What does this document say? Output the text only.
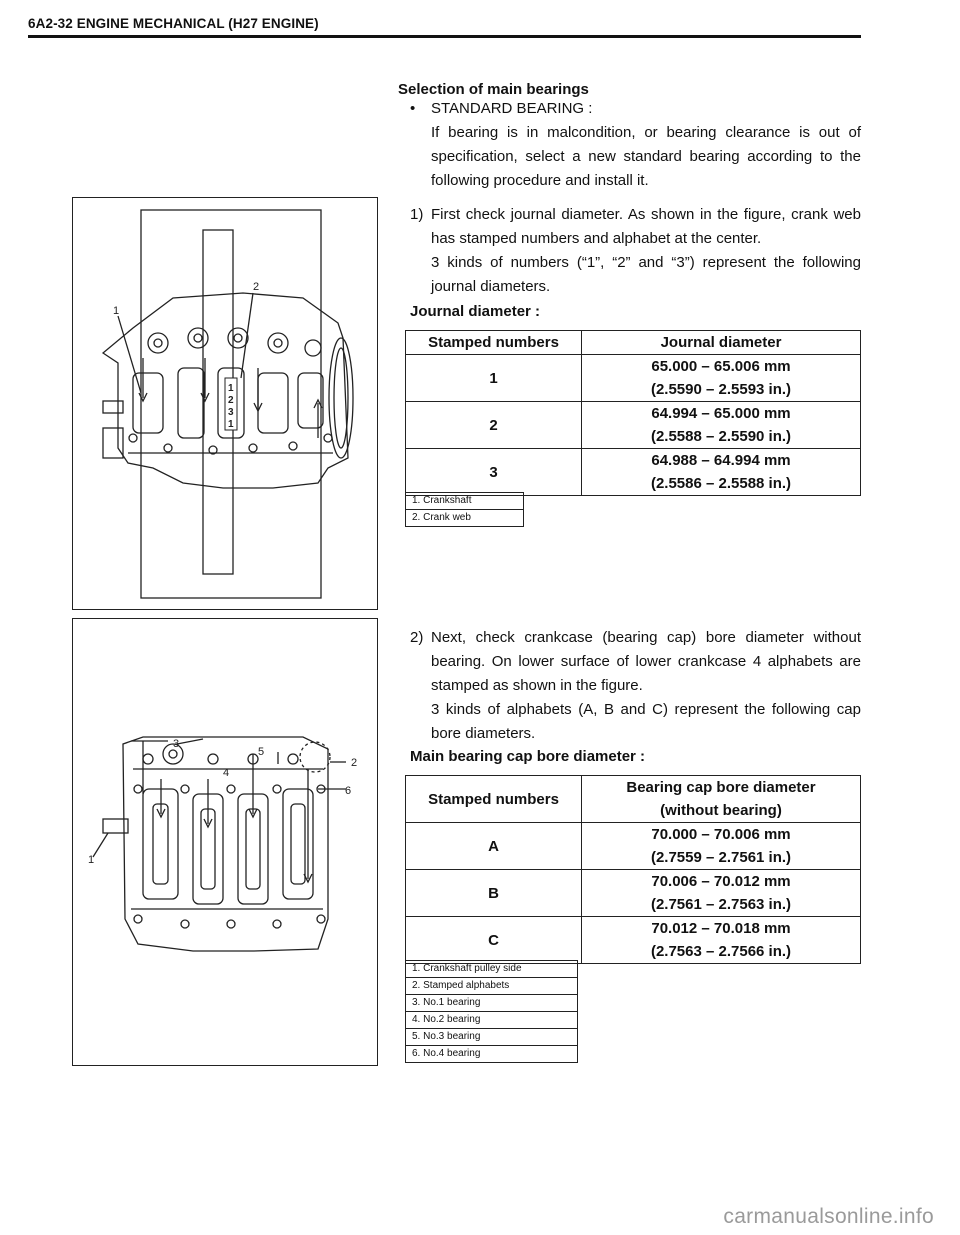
6A2-32 ENGINE MECHANICAL (H27 ENGINE)
Selection of main bearings
• STANDARD BEARING :
If bearing is in malcondition, or bearing clearance is out of specification, select a new standard bearing according to the following procedure and install it.
1
2
1
2
3
1
1) First check journal diameter. As shown in the figure, crank web has stamped numbers and alphabet at the center.
3 kinds of numbers (“1”, “2” and “3”) represent the following journal diameters.
Journal diameter :
Stamped numbers	Journal diameter
1	65.000 – 65.006 mm
(2.5590 – 2.5593 in.)

2	64.994 – 65.000 mm
(2.5588 – 2.5590 in.)

3	64.988 – 64.994 mm
(2.5586 – 2.5588 in.)
1. Crankshaft
2. Crank web
3
4
5
2
6
1
2) Next, check crankcase (bearing cap) bore diameter without bearing. On lower surface of lower crankcase 4 alphabets are stamped as shown in the figure.
3 kinds of alphabets (A, B and C) represent the following cap bore diameters.
Main bearing cap bore diameter :
Stamped numbers	Bearing cap bore diameter
(without bearing)

A	70.000 – 70.006 mm
(2.7559 – 2.7561 in.)

B	70.006 – 70.012 mm
(2.7561 – 2.7563 in.)

C	70.012 – 70.018 mm
(2.7563 – 2.7566 in.)
1. Crankshaft pulley side
2. Stamped alphabets
3. No.1 bearing
4. No.2 bearing
5. No.3 bearing
6. No.4 bearing
carmanualsonline.info
